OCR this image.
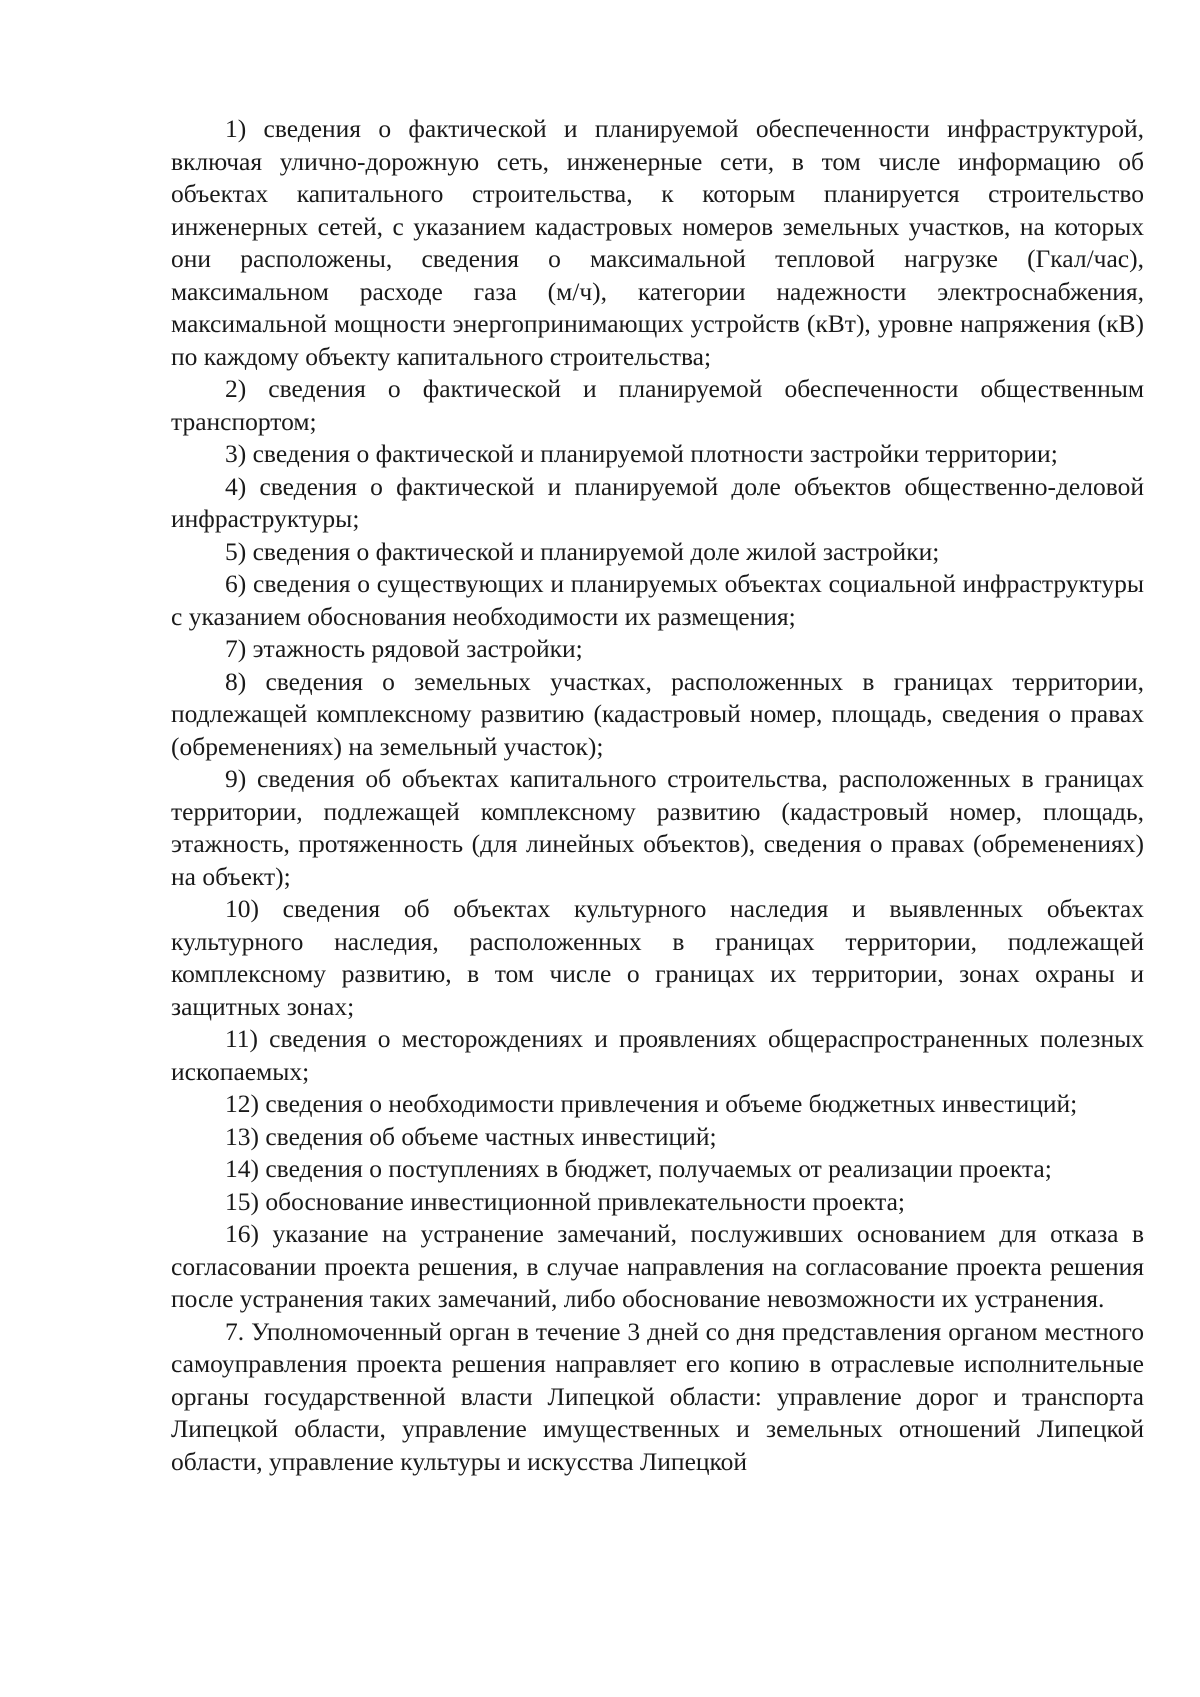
1) сведения о фактической и планируемой обеспеченности инфраструктурой, включая улично-дорожную сеть, инженерные сети, в том числе информацию об объектах капитального строительства, к которым планируется строительство инженерных сетей, с указанием кадастровых номеров земельных участков, на которых они расположены, сведения о максимальной тепловой нагрузке (Гкал/час), максимальном расходе газа (м/ч), категории надежности электроснабжения, максимальной мощности энергопринимающих устройств (кВт), уровне напряжения (кВ) по каждому объекту капитального строительства;

2) сведения о фактической и планируемой обеспеченности общественным транспортом;

3) сведения о фактической и планируемой плотности застройки территории;

4) сведения о фактической и планируемой доле объектов общественно-деловой инфраструктуры;

5) сведения о фактической и планируемой доле жилой застройки;

6) сведения о существующих и планируемых объектах социальной инфраструктуры с указанием обоснования необходимости их размещения;

7) этажность рядовой застройки;

8) сведения о земельных участках, расположенных в границах территории, подлежащей комплексному развитию (кадастровый номер, площадь, сведения о правах (обременениях) на земельный участок);

9) сведения об объектах капитального строительства, расположенных в границах территории, подлежащей комплексному развитию (кадастровый номер, площадь, этажность, протяженность (для линейных объектов), сведения о правах (обременениях) на объект);

10) сведения об объектах культурного наследия и выявленных объектах культурного наследия, расположенных в границах территории, подлежащей комплексному развитию, в том числе о границах их территории, зонах охраны и защитных зонах;

11) сведения о месторождениях и проявлениях общераспространенных полезных ископаемых;

12) сведения о необходимости привлечения и объеме бюджетных инвестиций;

13) сведения об объеме частных инвестиций;

14) сведения о поступлениях в бюджет, получаемых от реализации проекта;

15) обоснование инвестиционной привлекательности проекта;

16) указание на устранение замечаний, послуживших основанием для отказа в согласовании проекта решения, в случае направления на согласование проекта решения после устранения таких замечаний, либо обоснование невозможности их устранения.

7. Уполномоченный орган в течение 3 дней со дня представления органом местного самоуправления проекта решения направляет его копию в отраслевые исполнительные органы государственной власти Липецкой области: управление дорог и транспорта Липецкой области, управление имущественных и земельных отношений Липецкой области, управление культуры и искусства Липецкой
